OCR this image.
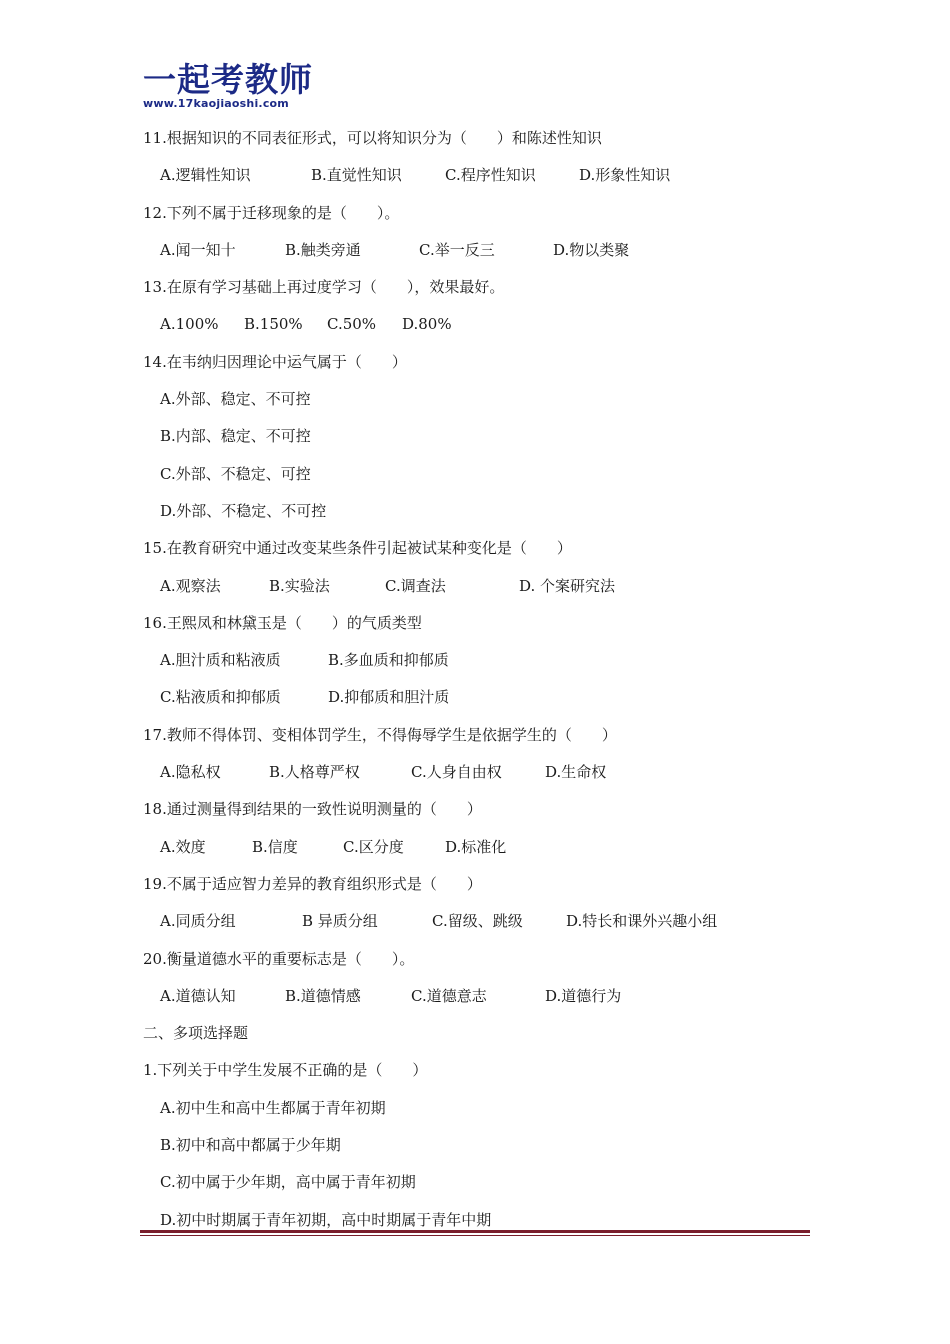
一起考教师
www.17kaojiaoshi.com
11.根据知识的不同表征形式，可以将知识分为（　　）和陈述性知识
A.逻辑性知识	B.直觉性知识	C.程序性知识	D.形象性知识
12.下列不属于迁移现象的是（　　）。
A.闻一知十	B.触类旁通	C.举一反三	D.物以类聚
13.在原有学习基础上再过度学习（　　），效果最好。
A.100% B.150% C.50% D.80%
14.在韦纳归因理论中运气属于（　　）
A.外部、稳定、不可控
B.内部、稳定、不可控
C.外部、不稳定、可控
D.外部、不稳定、不可控
15.在教育研究中通过改变某些条件引起被试某种变化是（　　）
A.观察法	B.实验法	C.调查法	D. 个案研究法
16.王熙凤和林黛玉是（　　）的气质类型
A.胆汁质和粘液质	B.多血质和抑郁质
C.粘液质和抑郁质	D.抑郁质和胆汁质
17.教师不得体罚、变相体罚学生，不得侮辱学生是依据学生的（　　）
A.隐私权	B.人格尊严权	C.人身自由权	D.生命权
18.通过测量得到结果的一致性说明测量的（　　）
A.效度	B.信度	C.区分度	D.标准化
19.不属于适应智力差异的教育组织形式是（　　）
A.同质分组	B 异质分组	C.留级、跳级	D.特长和课外兴趣小组
20.衡量道德水平的重要标志是（　　）。
A.道德认知	B.道德情感	C.道德意志	D.道德行为
二、多项选择题
1.下列关于中学生发展不正确的是（　　）
A.初中生和高中生都属于青年初期
B.初中和高中都属于少年期
C.初中属于少年期，高中属于青年初期
D.初中时期属于青年初期，高中时期属于青年中期
